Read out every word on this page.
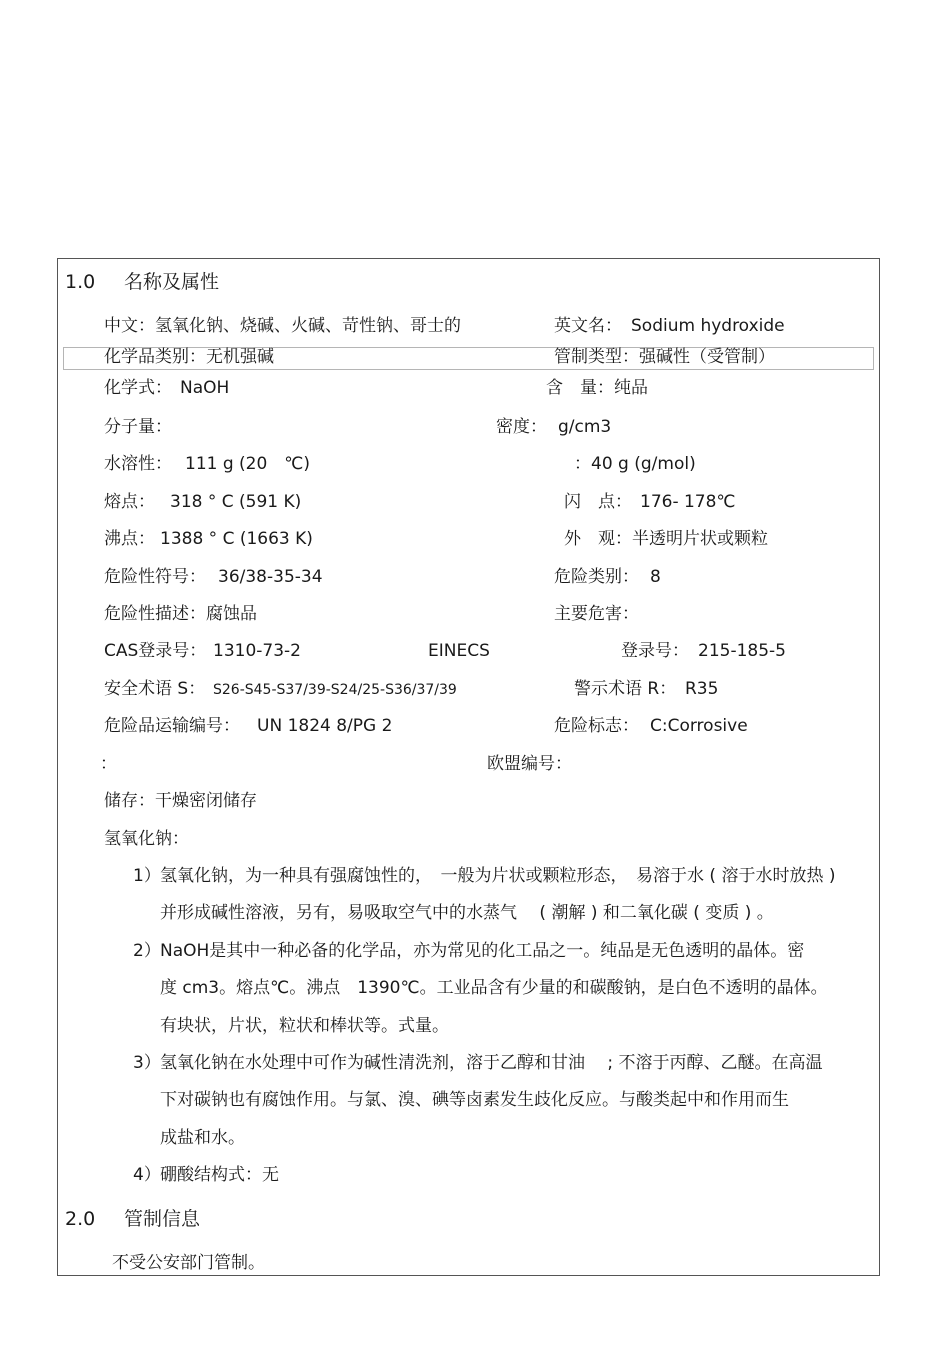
1.0 名称及属性
中文：氢氧化钠、烧碱、火碱、苛性钠、哥士的	英文名： Sodium hydroxide
化学品类别：无机强碱	管制类型：强碱性（受管制）
化学式： NaOH	含　量：纯品
分子量：	密度： g/cm3
水溶性： 111 g (20　℃)	：40 g (g/mol)
熔点： 318 ° C (591 K)	闪　点： 176- 178℃
沸点： 1388 ° C (1663 K)	外　观：半透明片状或颗粒
危险性符号： 36/38-35-34	危险类别： 8
危险性描述：腐蚀品	主要危害：
CAS登录号： 1310-73-2	EINECS	登录号： 215-185-5
安全术语 S： S26-S45-S37/39-S24/25-S36/37/39	警示术语 R： R35
危险品运输编号： UN 1824 8/PG 2	危险标志： C:Corrosive
：	欧盟编号：
储存：干燥密闭储存
氢氧化钠：
1） 氢氧化钠，为一种具有强腐蚀性的，　一般为片状或颗粒形态，　易溶于水 ( 溶于水时放热 )
并形成碱性溶液，另有，易吸取空气中的水蒸气　 ( 潮解 ) 和二氧化碳 ( 变质 ) 。
2） NaOH是其中一种必备的化学品，亦为常见的化工品之一。纯品是无色透明的晶体。密
度 cm3。熔点℃。沸点　1390℃。工业品含有少量的和碳酸钠，是白色不透明的晶体。
有块状，片状，粒状和棒状等。式量。
3） 氢氧化钠在水处理中可作为碱性清洗剂，溶于乙醇和甘油　 ; 不溶于丙醇、乙醚。在高温
下对碳钠也有腐蚀作用。与氯、溴、碘等卤素发生歧化反应。与酸类起中和作用而生
成盐和水。
4） 硼酸结构式：无
2.0 管制信息
不受公安部门管制。
